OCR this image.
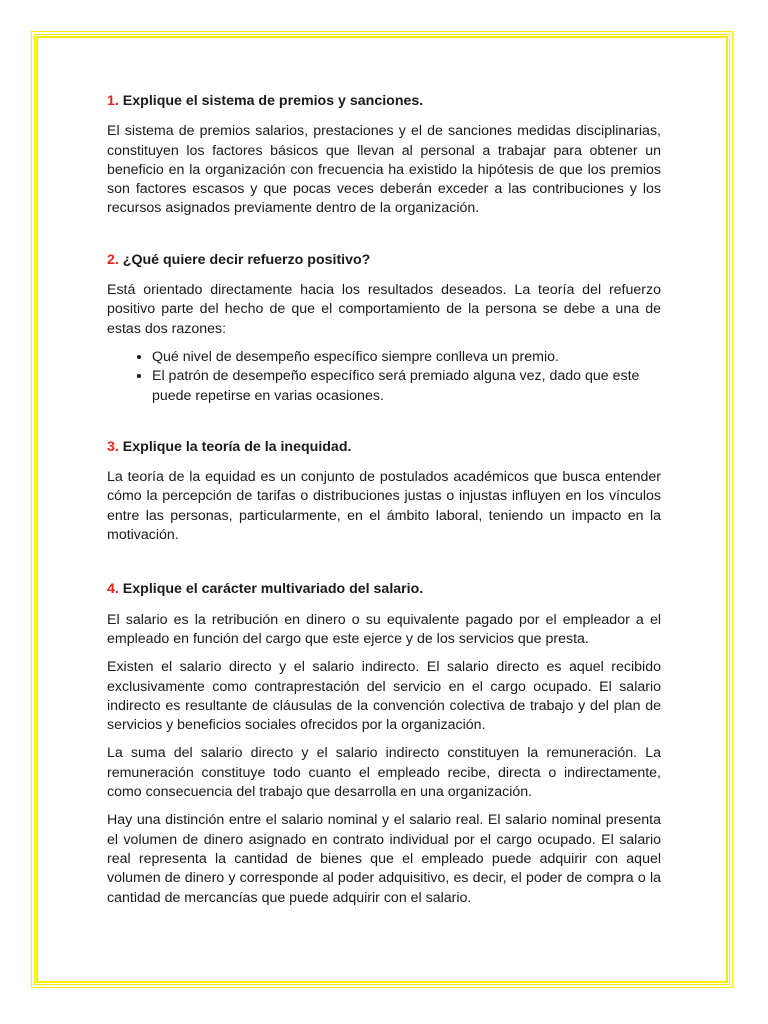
1. Explique el sistema de premios y sanciones.

El sistema de premios salarios, prestaciones y el de sanciones medidas disciplinarias, constituyen los factores básicos que llevan al personal a trabajar para obtener un beneficio en la organización con frecuencia ha existido la hipótesis de que los premios son factores escasos y que pocas veces deberán exceder a las contribuciones y los recursos asignados previamente dentro de la organización.

2. ¿Qué quiere decir refuerzo positivo?

Está orientado directamente hacia los resultados deseados. La teoría del refuerzo positivo parte del hecho de que el comportamiento de la persona se debe a una de estas dos razones:

• Qué nivel de desempeño específico siempre conlleva un premio.
• El patrón de desempeño específico será premiado alguna vez, dado que este puede repetirse en varias ocasiones.
3. Explique la teoría de la inequidad.

La teoría de la equidad es un conjunto de postulados académicos que busca entender cómo la percepción de tarifas o distribuciones justas o injustas influyen en los vínculos entre las personas, particularmente, en el ámbito laboral, teniendo un impacto en la motivación.

4. Explique el carácter multivariado del salario.

El salario es la retribución en dinero o su equivalente pagado por el empleador a el empleado en función del cargo que este ejerce y de los servicios que presta.

Existen el salario directo y el salario indirecto. El salario directo es aquel recibido exclusivamente como contraprestación del servicio en el cargo ocupado. El salario indirecto es resultante de cláusulas de la convención colectiva de trabajo y del plan de servicios y beneficios sociales ofrecidos por la organización.

La suma del salario directo y el salario indirecto constituyen la remuneración. La remuneración constituye todo cuanto el empleado recibe, directa o indirectamente, como consecuencia del trabajo que desarrolla en una organización.

Hay una distinción entre el salario nominal y el salario real. El salario nominal presenta el volumen de dinero asignado en contrato individual por el cargo ocupado. El salario real representa la cantidad de bienes que el empleado puede adquirir con aquel volumen de dinero y corresponde al poder adquisitivo, es decir, el poder de compra o la cantidad de mercancías que puede adquirir con el salario.
